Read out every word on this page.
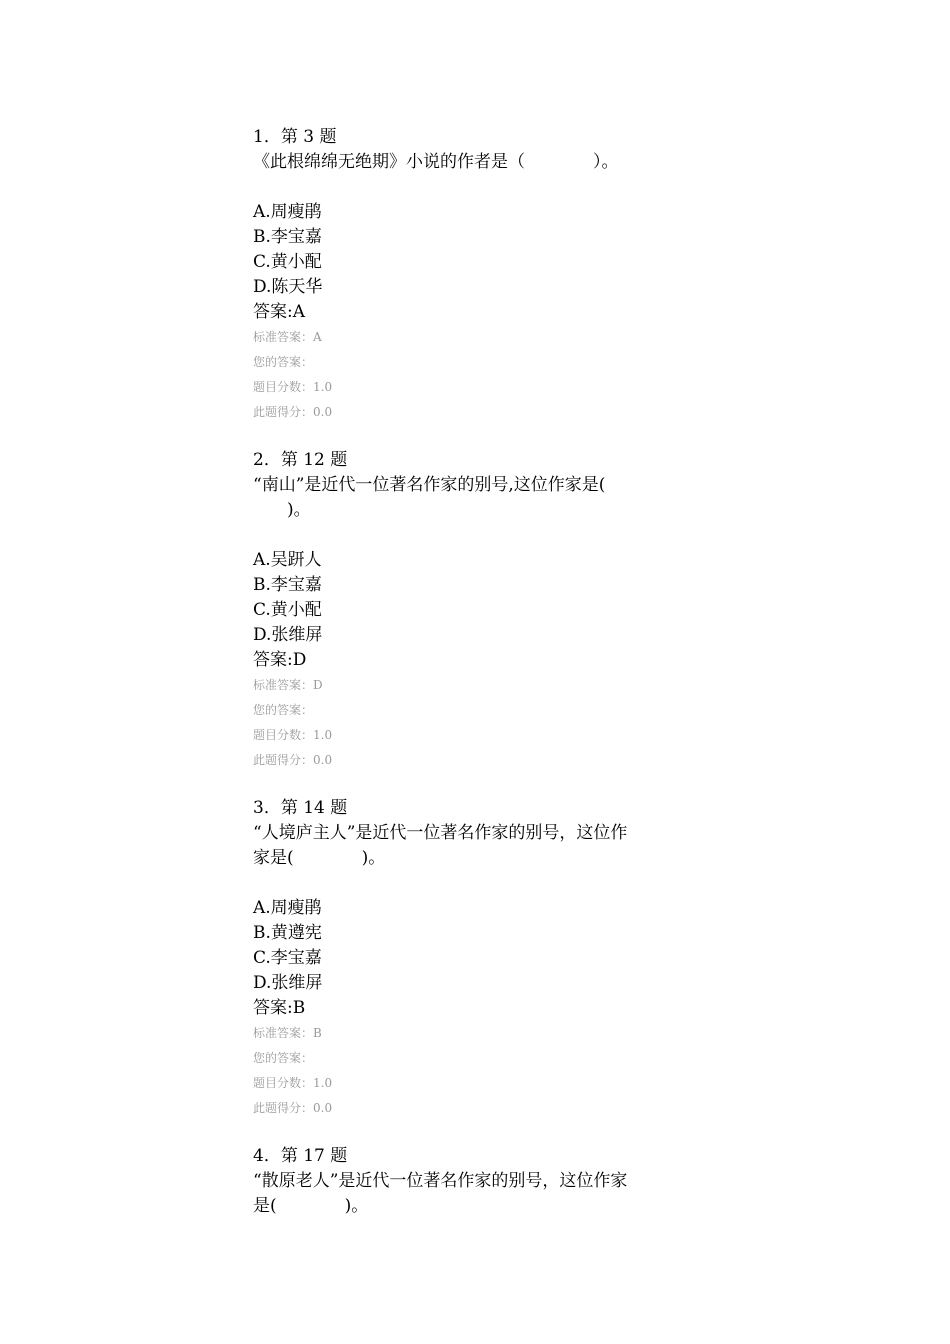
1．第 3 题
《此根绵绵无绝期》小说的作者是（　　　　）。
A.周瘦鹃
B.李宝嘉
C.黄小配
D.陈天华
答案:A
标准答案：A
您的答案：
题目分数：1.0
此题得分：0.0
2．第 12 题
“南山”是近代一位著名作家的别号,这位作家是(
　　)。
A.吴趼人
B.李宝嘉
C.黄小配
D.张维屏
答案:D
标准答案：D
您的答案：
题目分数：1.0
此题得分：0.0
3．第 14 题
“人境庐主人”是近代一位著名作家的别号，这位作
家是(　　　　)。
A.周瘦鹃
B.黄遵宪
C.李宝嘉
D.张维屏
答案:B
标准答案：B
您的答案：
题目分数：1.0
此题得分：0.0
4．第 17 题
“散原老人”是近代一位著名作家的别号，这位作家
是(　　　　)。
